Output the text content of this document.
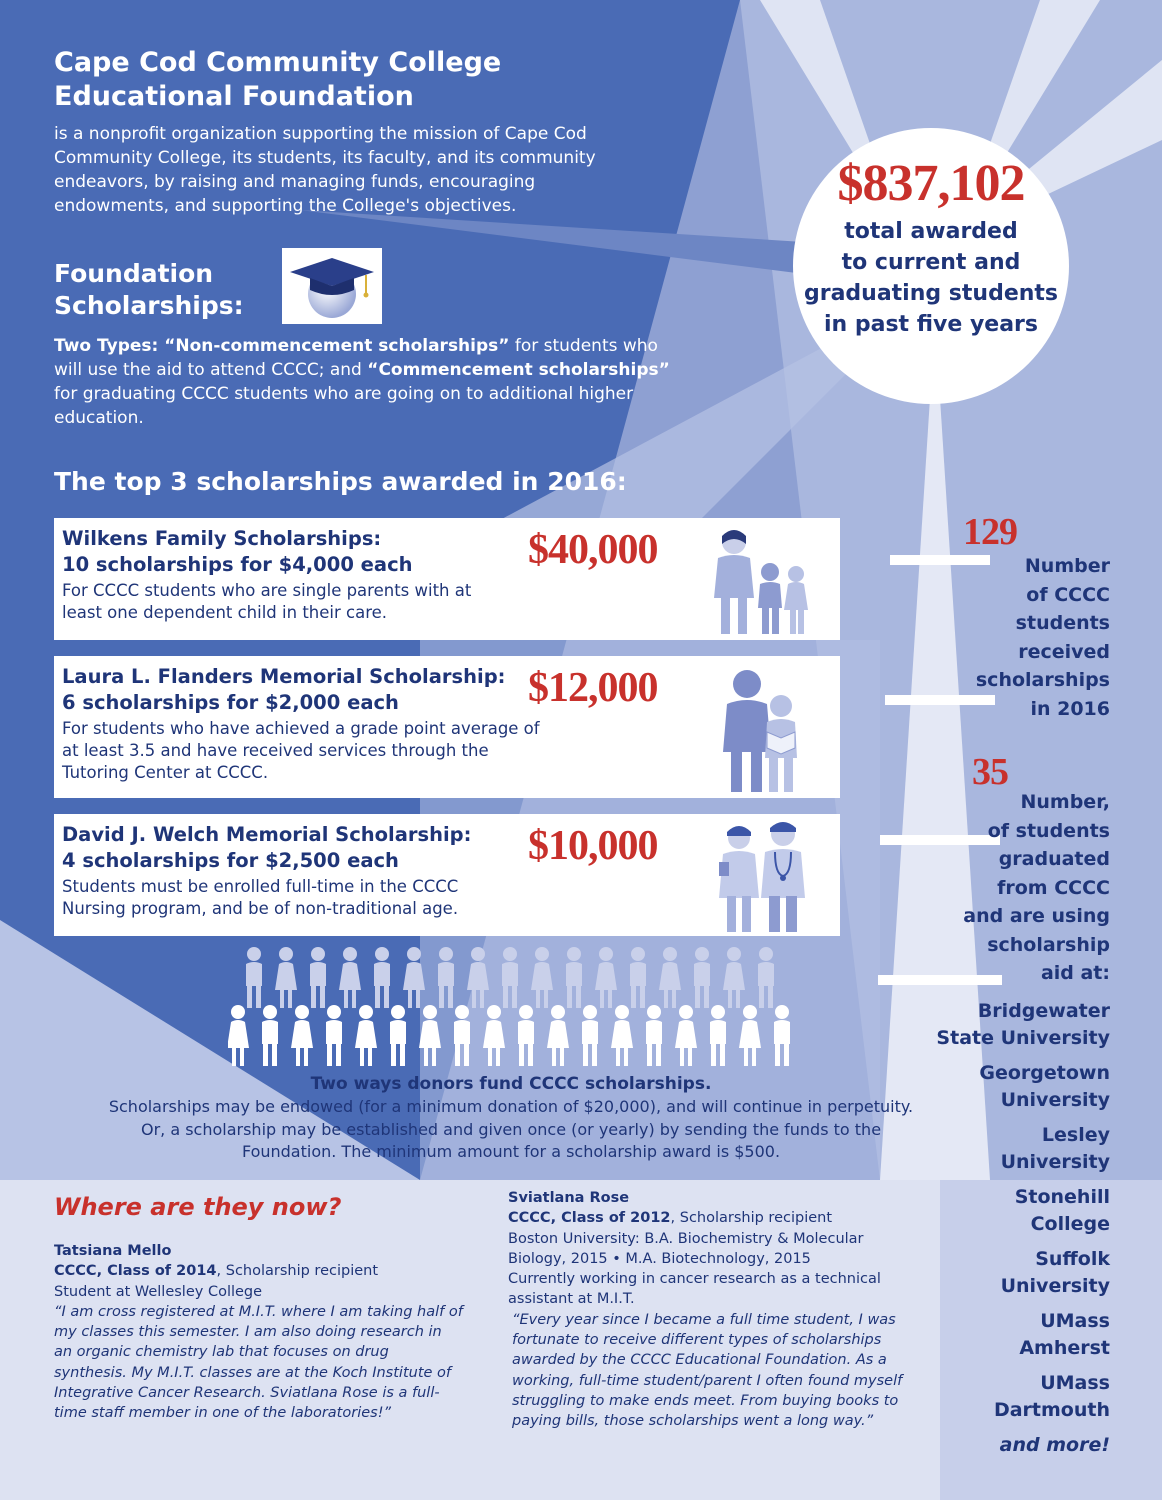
Cape Cod Community College
Educational Foundation
is a nonprofit organization supporting the mission of Cape Cod Community College, its students, its faculty, and its community endeavors, by raising and managing funds, encouraging endowments, and supporting the College's objectives.	$837,102
total awarded
to current and
graduating students
in past five years
Foundation
Scholarships:
Two Types: “Non-commencement scholarships” for students who will use the aid to attend CCCC; and “Commencement scholarships” for graduating CCCC students who are going on to additional higher education.
The top 3 scholarships awarded in 2016:
Wilkens Family Scholarships:
10 scholarships for $4,000 each
For CCCC students who are single parents with at least one dependent child in their care.
$40,000
Laura L. Flanders Memorial Scholarship:
6 scholarships for $2,000 each
For students who have achieved a grade point average of at least 3.5 and have received services through the Tutoring Center at CCCC.
$12,000
David J. Welch Memorial Scholarship:
4 scholarships for $2,500 each
Students must be enrolled full-time in the CCCC Nursing program, and be of non-traditional age.
$10,000
Two ways donors fund CCCC scholarships.
Scholarships may be endowed (for a minimum donation of $20,000), and will continue in perpetuity. Or, a scholarship may be established and given once (or yearly) by sending the funds to the Foundation. The minimum amount for a scholarship award is $500.
129
Number
of CCCC
students
received
scholarships
in 2016
35
Number,
of students
graduated
from CCCC
and are using
scholarship
aid at:
Bridgewater
State University
Georgetown
University
Lesley
University
Stonehill
College
Suffolk
University
UMass
Amherst
UMass
Dartmouth
and more!
Where are they now?
Tatsiana Mello
CCCC, Class of 2014, Scholarship recipient
Student at Wellesley College
“I am cross registered at M.I.T. where I am taking half of my classes this semester. I am also doing research in an organic chemistry lab that focuses on drug synthesis. My M.I.T. classes are at the Koch Institute of Integrative Cancer Research. Sviatlana Rose is a full-time staff member in one of the laboratories!”
Sviatlana Rose
CCCC, Class of 2012, Scholarship recipient
Boston University: B.A. Biochemistry & Molecular Biology, 2015 • M.A. Biotechnology, 2015
Currently working in cancer research as a technical assistant at M.I.T.
“Every year since I became a full time student, I was fortunate to receive different types of scholarships awarded by the CCCC Educational Foundation. As a working, full-time student/parent I often found myself struggling to make ends meet. From buying books to paying bills, those scholarships went a long way.”
